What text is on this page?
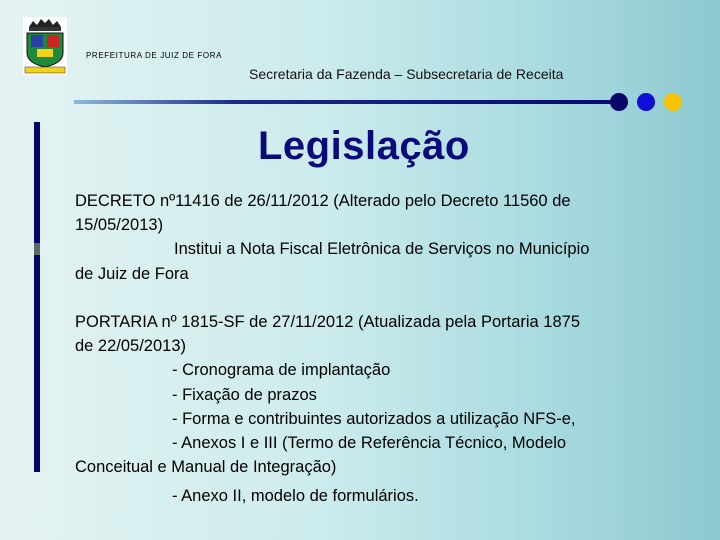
PREFEITURA DE JUIZ DE FORA
Secretaria da Fazenda – Subsecretaria de Receita
Legislação
DECRETO nº11416 de 26/11/2012 (Alterado pelo Decreto 11560 de
15/05/2013)
Institui a Nota Fiscal Eletrônica de Serviços no Município
de Juiz de Fora
PORTARIA nº 1815-SF de 27/11/2012 (Atualizada pela Portaria 1875
de 22/05/2013)
- Cronograma de implantação
- Fixação de prazos
- Forma e contribuintes autorizados a utilização NFS-e,
- Anexos I e III (Termo de Referência Técnico, Modelo
Conceitual e Manual de Integração)
- Anexo II, modelo de formulários.
